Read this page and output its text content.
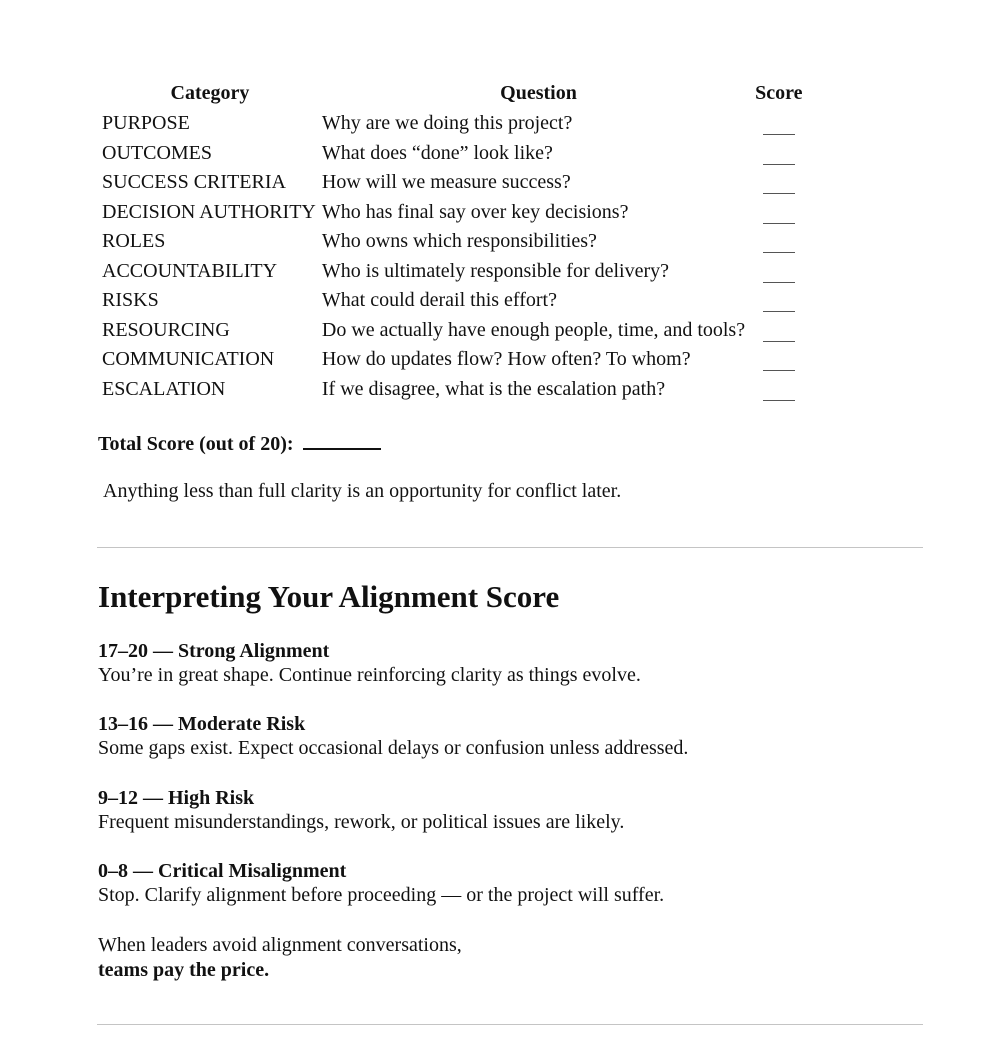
Category	Question	Score
PURPOSE	Why are we doing this project?	
OUTCOMES	What does “done” look like?	
SUCCESS CRITERIA	How will we measure success?	
DECISION AUTHORITY	Who has final say over key decisions?	
ROLES	Who owns which responsibilities?	
ACCOUNTABILITY	Who is ultimately responsible for delivery?	
RISKS	What could derail this effort?	
RESOURCING	Do we actually have enough people, time, and tools?	
COMMUNICATION	How do updates flow? How often? To whom?	
ESCALATION	If we disagree, what is the escalation path?	
Total Score (out of 20):
Anything less than full clarity is an opportunity for conflict later.
Interpreting Your Alignment Score
17–20 — Strong Alignment
You’re in great shape. Continue reinforcing clarity as things evolve.
13–16 — Moderate Risk
Some gaps exist. Expect occasional delays or confusion unless addressed.
9–12 — High Risk
Frequent misunderstandings, rework, or political issues are likely.
0–8 — Critical Misalignment
Stop. Clarify alignment before proceeding — or the project will suffer.
When leaders avoid alignment conversations,
teams pay the price.
